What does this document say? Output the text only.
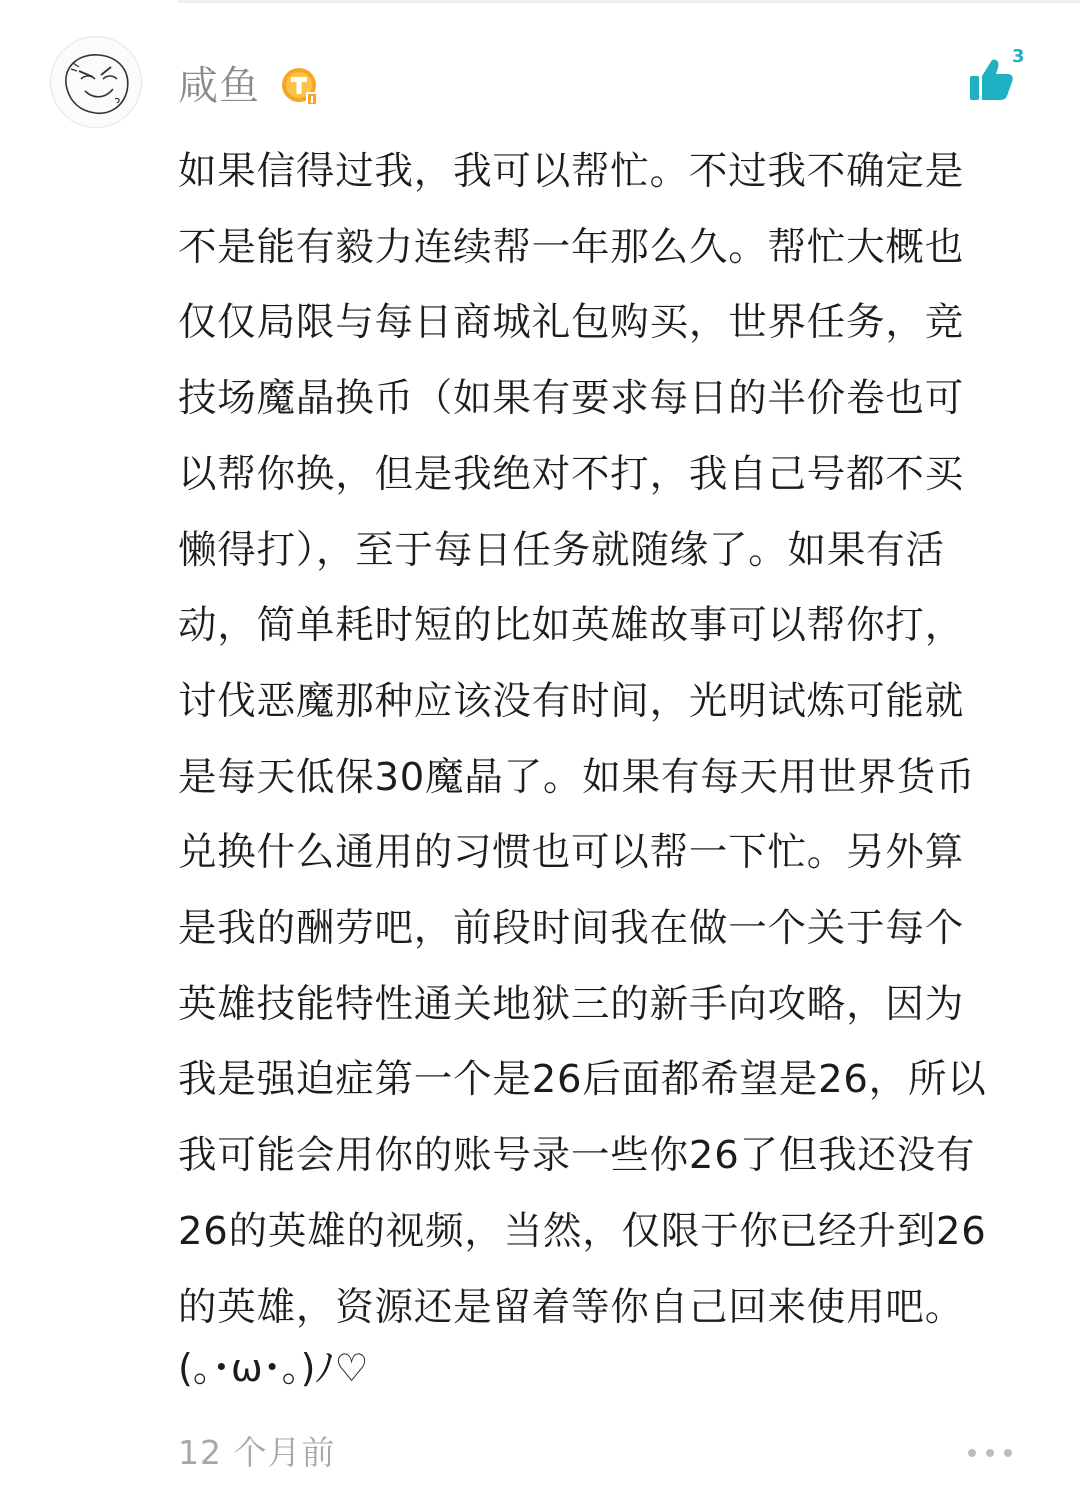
咸鱼
3

如果信得过我，我可以帮忙。不过我不确定是
不是能有毅力连续帮一年那么久。帮忙大概也
仅仅局限与每日商城礼包购买，世界任务，竞
技场魔晶换币（如果有要求每日的半价卷也可
以帮你换，但是我绝对不打，我自己号都不买
懒得打），至于每日任务就随缘了。如果有活
动，简单耗时短的比如英雄故事可以帮你打，
讨伐恶魔那种应该没有时间，光明试炼可能就
是每天低保30魔晶了。如果有每天用世界货币
兑换什么通用的习惯也可以帮一下忙。另外算
是我的酬劳吧，前段时间我在做一个关于每个
英雄技能特性通关地狱三的新手向攻略，因为
我是强迫症第一个是26后面都希望是26，所以
我可能会用你的账号录一些你26了但我还没有
26的英雄的视频，当然，仅限于你已经升到26
的英雄，资源还是留着等你自己回来使用吧。

(｡･ω･｡)ﾉ♡
12 个月前
